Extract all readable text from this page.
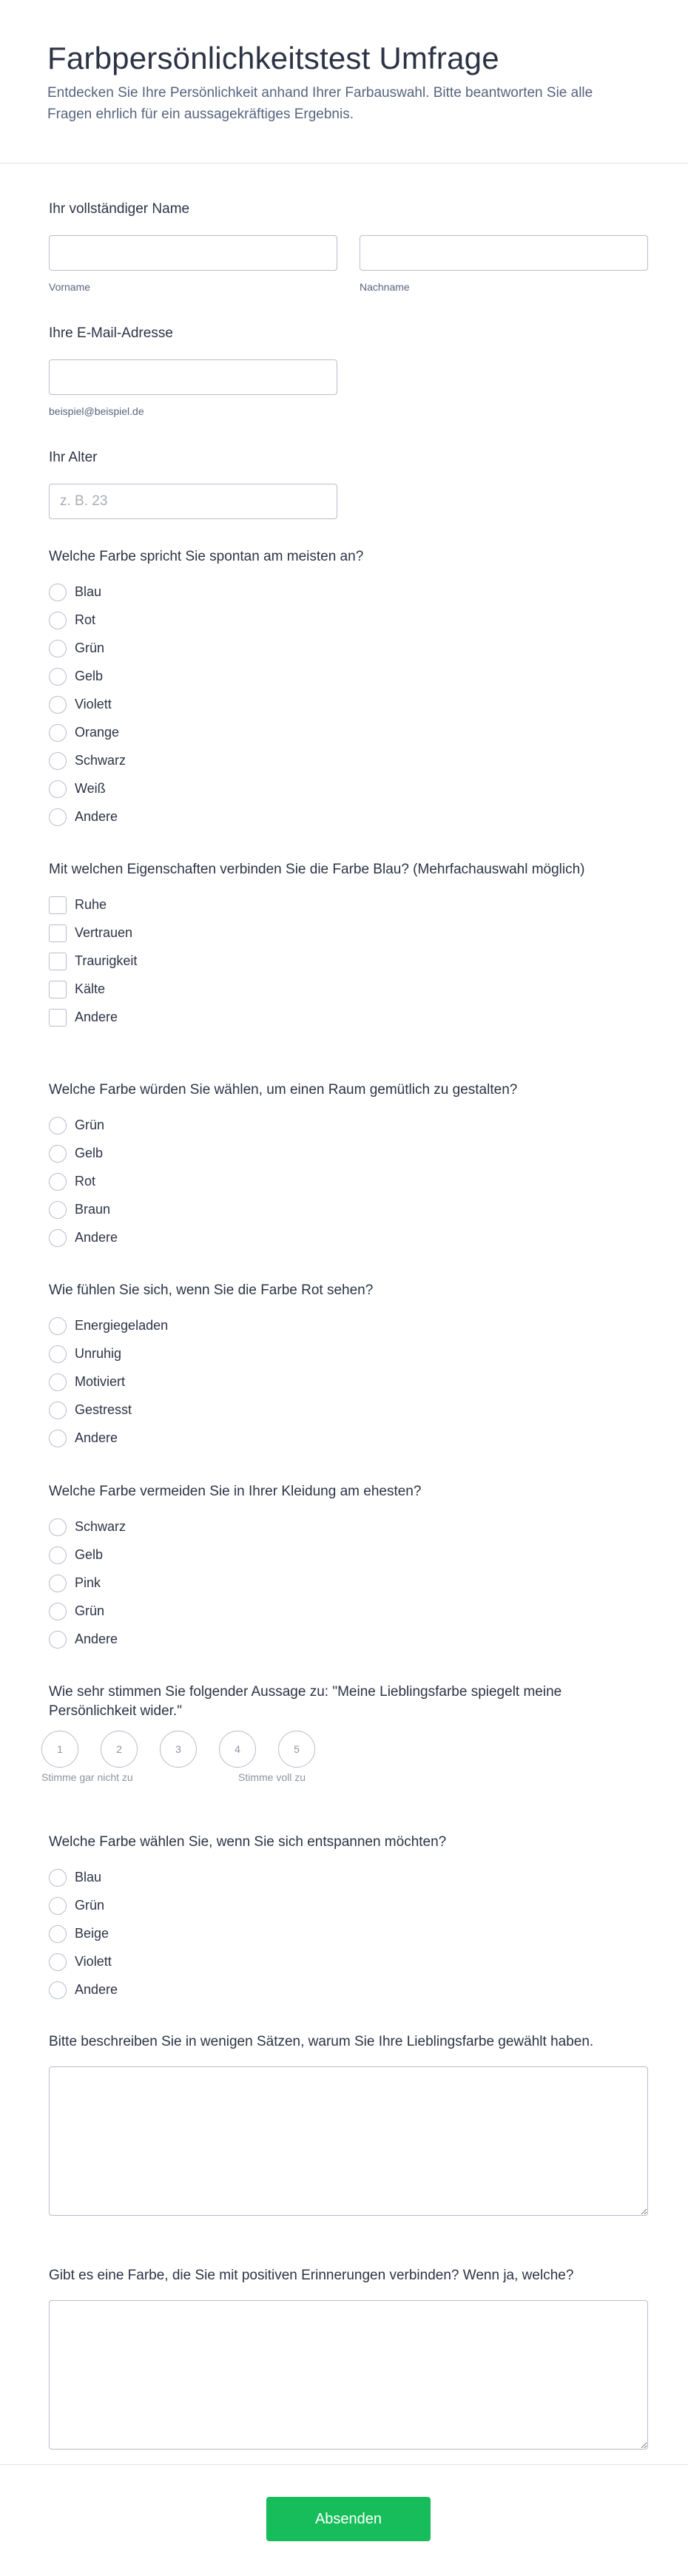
Farbpersönlichkeitstest Umfrage

Entdecken Sie Ihre Persönlichkeit anhand Ihrer Farbauswahl. Bitte beantworten Sie alle Fragen ehrlich für ein aussagekräftiges Ergebnis.

Ihr vollständiger Name
Vorname	Nachname
Ihre E-Mail-Adresse
beispiel@beispiel.de
Ihr Alter
z. B. 23
Welche Farbe spricht Sie spontan am meisten an?
Blau
Rot
Grün
Gelb
Violett
Orange
Schwarz
Weiß
Andere
Mit welchen Eigenschaften verbinden Sie die Farbe Blau? (Mehrfachauswahl möglich)
Ruhe
Vertrauen
Traurigkeit
Kälte
Andere
Welche Farbe würden Sie wählen, um einen Raum gemütlich zu gestalten?
Grün
Gelb
Rot
Braun
Andere
Wie fühlen Sie sich, wenn Sie die Farbe Rot sehen?
Energiegeladen
Unruhig
Motiviert
Gestresst
Andere
Welche Farbe vermeiden Sie in Ihrer Kleidung am ehesten?
Schwarz
Gelb
Pink
Grün
Andere
Wie sehr stimmen Sie folgender Aussage zu: "Meine Lieblingsfarbe spiegelt meine Persönlichkeit wider."
1	2	3	4	5
Stimme gar nicht zu	Stimme voll zu
Welche Farbe wählen Sie, wenn Sie sich entspannen möchten?
Blau
Grün
Beige
Violett
Andere
Bitte beschreiben Sie in wenigen Sätzen, warum Sie Ihre Lieblingsfarbe gewählt haben.
Gibt es eine Farbe, die Sie mit positiven Erinnerungen verbinden? Wenn ja, welche?
Absenden
